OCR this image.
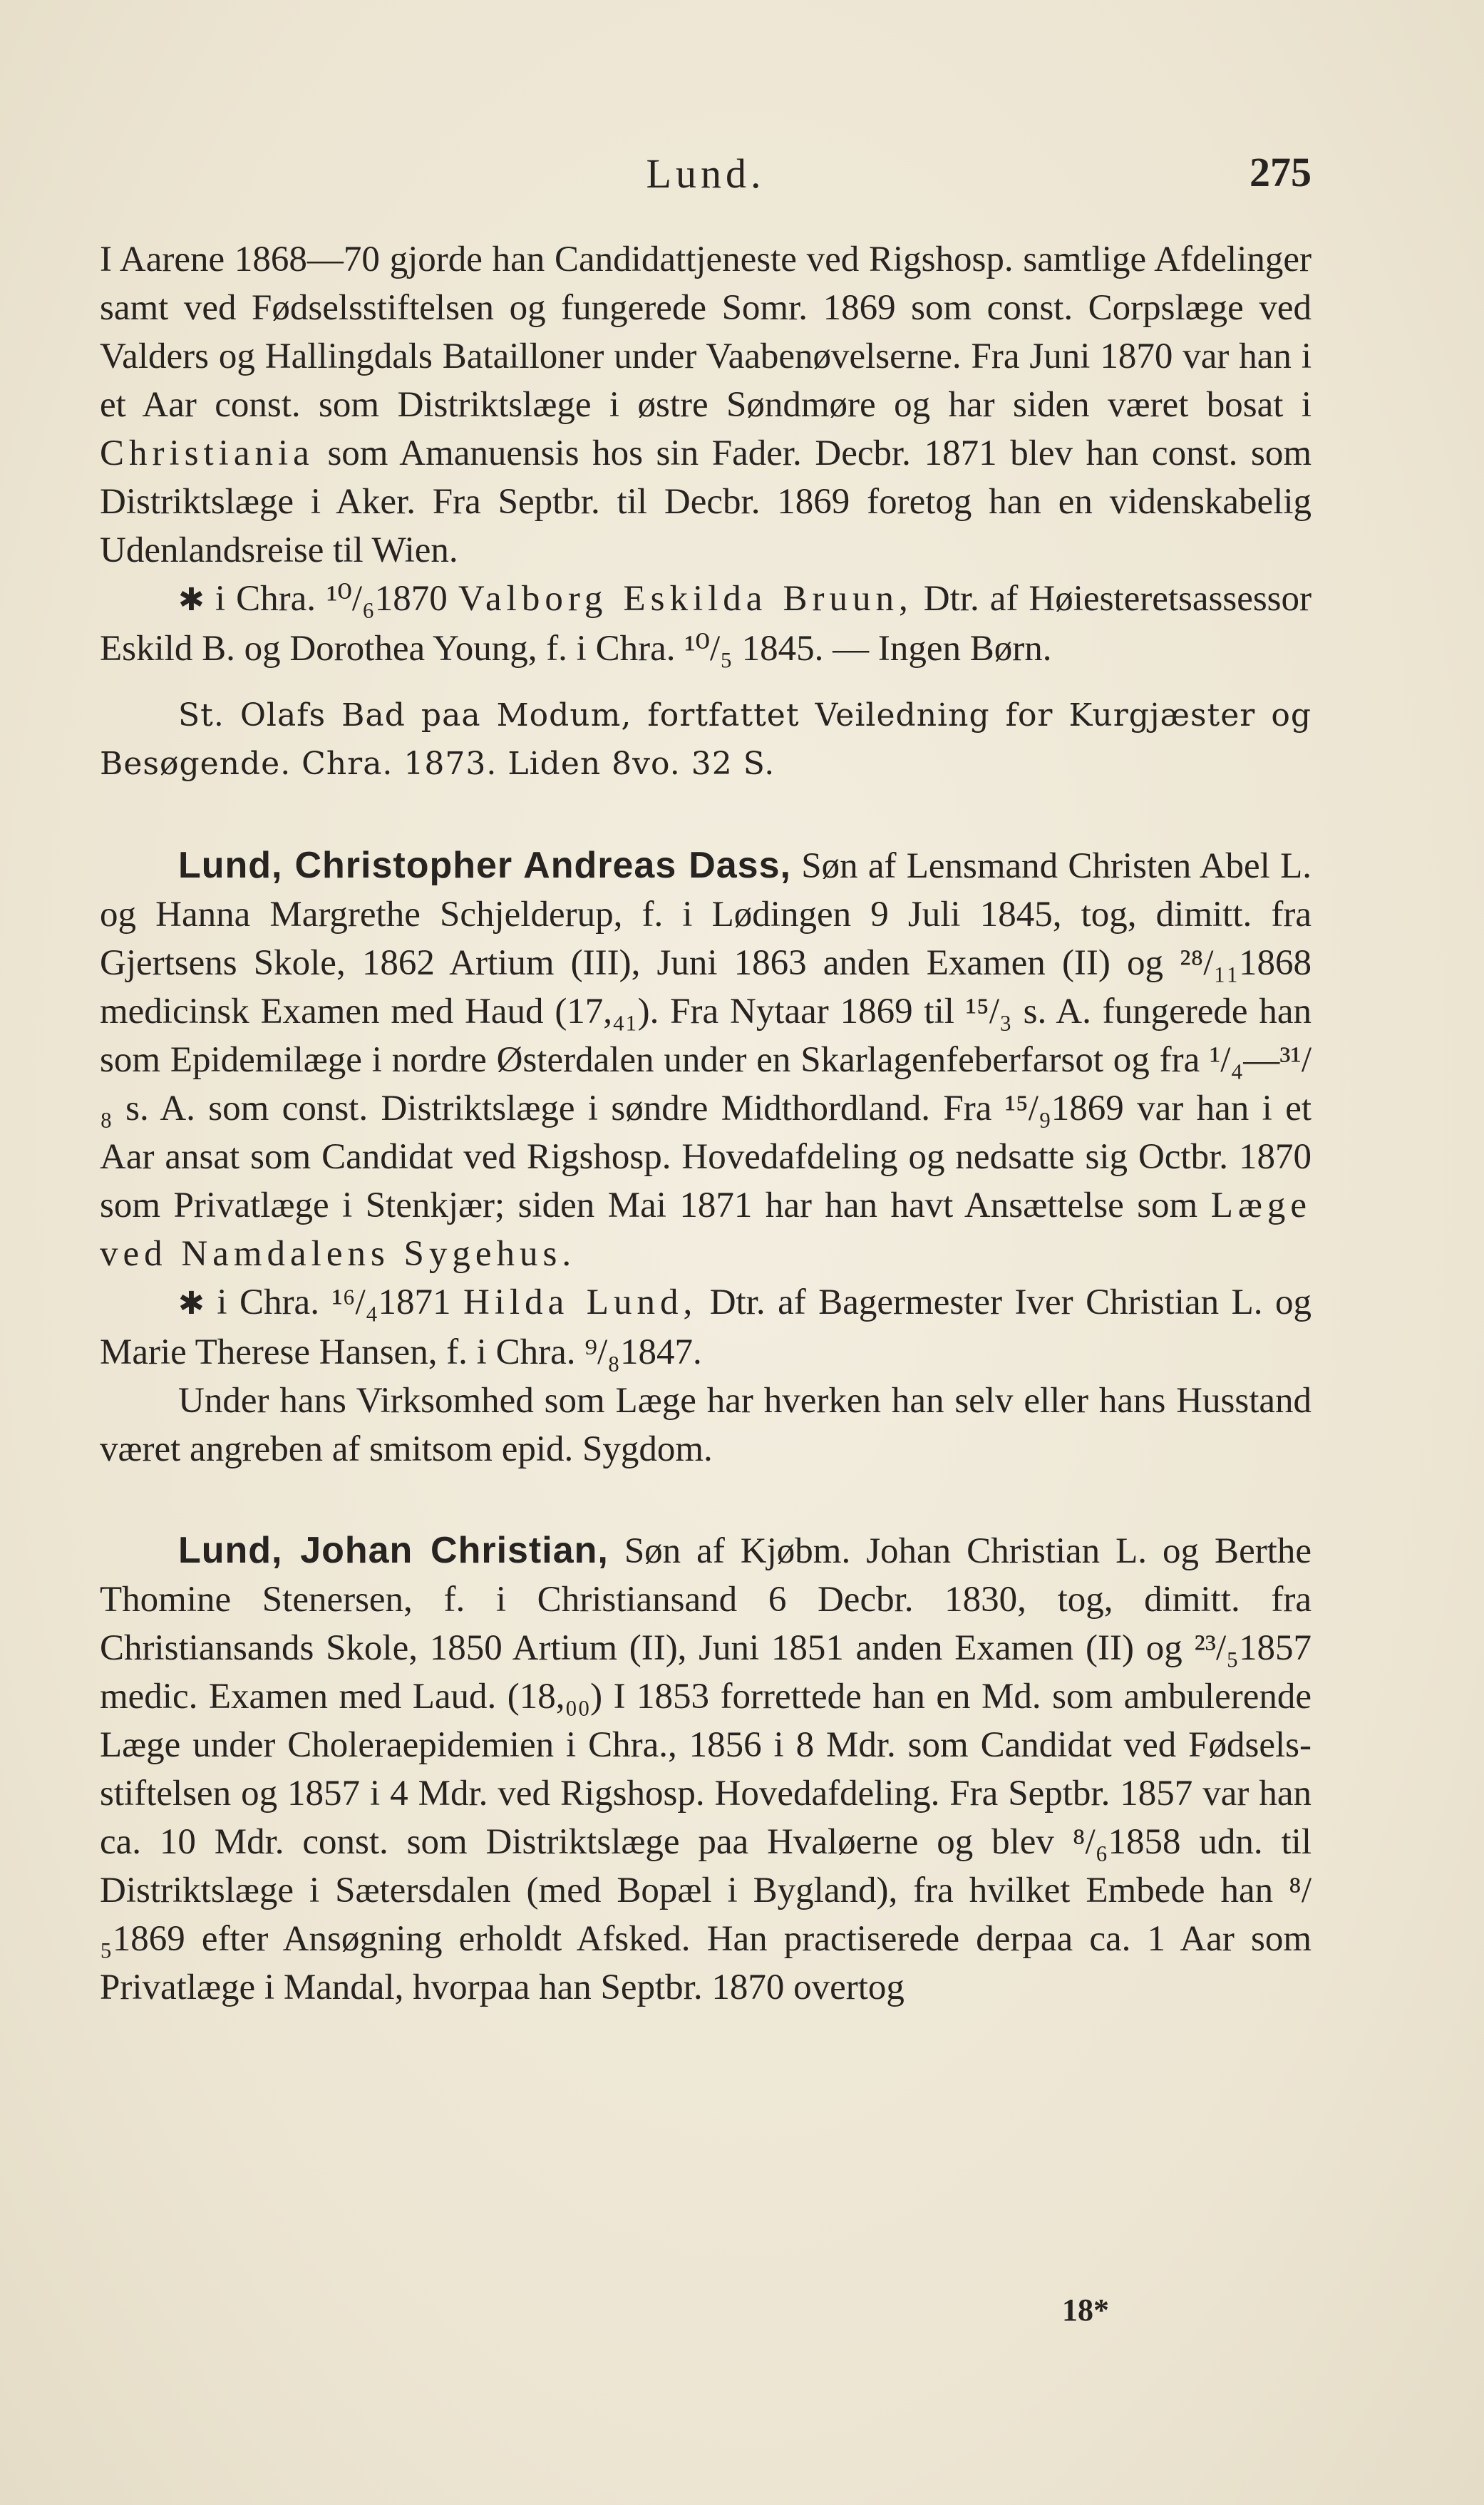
Lund.	275

I Aarene 1868—70 gjorde han Candidattjeneste ved Rigshosp. samtlige Afdelinger samt ved Fødselsstiftelsen og fungerede Somr. 1869 som const. Corpslæge ved Valders og Hallingdals Batailloner under Vaabenøvelserne. Fra Juni 1870 var han i et Aar const. som Distriktslæge i østre Søndmøre og har siden været bosat i Christiania som Amanuensis hos sin Fader. Decbr. 1871 blev han const. som Distriktslæge i Aker. Fra Septbr. til Decbr. 1869 foretog han en videnskabelig Udenlandsreise til Wien.

✱ i Chra. ¹⁰/₆1870 Valborg Eskilda Bruun, Dtr. af Høiesteretsassessor Eskild B. og Dorothea Young, f. i Chra. ¹⁰/₅ 1845. — Ingen Børn.

St. Olafs Bad paa Modum, fortfattet Veiledning for Kurgjæster og Besøgende. Chra. 1873. Liden 8vo. 32 S.

Lund, Christopher Andreas Dass, Søn af Lensmand Christen Abel L. og Hanna Margrethe Schjelderup, f. i Lødingen 9 Juli 1845, tog, dimitt. fra Gjertsens Skole, 1862 Artium (III), Juni 1863 anden Examen (II) og ²⁸/₁₁1868 medicinsk Examen med Haud (17,₄₁). Fra Nytaar 1869 til ¹⁵/₃ s. A. fungerede han som Epidemilæge i nordre Østerdalen under en Skarlagenfeberfarsot og fra ¹/₄—³¹/₈ s. A. som const. Distriktslæge i søndre Midthordland. Fra ¹⁵/₉1869 var han i et Aar ansat som Candidat ved Rigshosp. Hovedafdeling og nedsatte sig Octbr. 1870 som Privatlæge i Stenkjær; siden Mai 1871 har han havt Ansættelse som Læge ved Namdalens Sygehus.

✱ i Chra. ¹⁶/₄1871 Hilda Lund, Dtr. af Bagermester Iver Christian L. og Marie Therese Hansen, f. i Chra. ⁹/₈1847.

Under hans Virksomhed som Læge har hverken han selv eller hans Husstand været angreben af smitsom epid. Sygdom.

Lund, Johan Christian, Søn af Kjøbm. Johan Christian L. og Berthe Thomine Stenersen, f. i Christiansand 6 Decbr. 1830, tog, dimitt. fra Christiansands Skole, 1850 Artium (II), Juni 1851 anden Examen (II) og ²³/₅1857 medic. Examen med Laud. (18,₀₀) I 1853 forrettede han en Md. som ambulerende Læge under Choleraepidemien i Chra., 1856 i 8 Mdr. som Candidat ved Fødselsstiftelsen og 1857 i 4 Mdr. ved Rigshosp. Hovedafdeling. Fra Septbr. 1857 var han ca. 10 Mdr. const. som Distriktslæge paa Hvaløerne og blev ⁸/₆1858 udn. til Distriktslæge i Sætersdalen (med Bopæl i Bygland), fra hvilket Embede han ⁸/₅1869 efter Ansøgning erholdt Afsked. Han practiserede derpaa ca. 1 Aar som Privatlæge i Mandal, hvorpaa han Septbr. 1870 overtog

18*
